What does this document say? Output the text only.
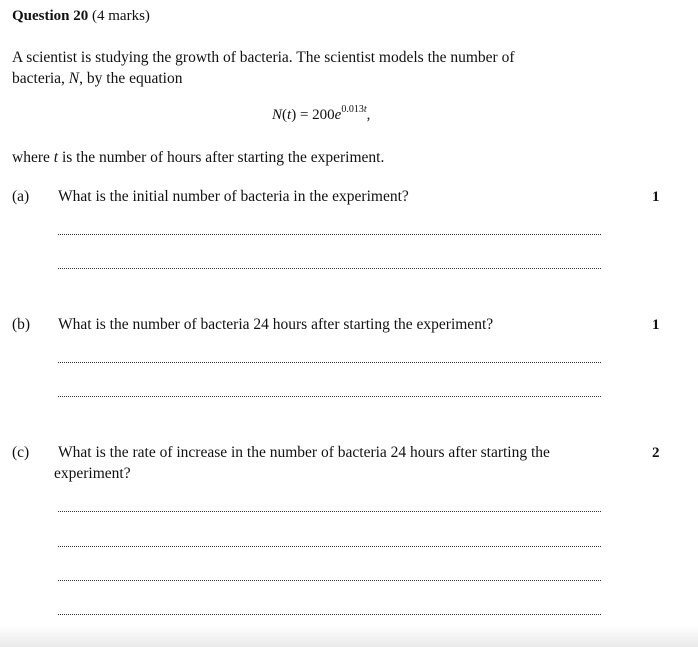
Question 20 (4 marks)
A scientist is studying the growth of bacteria. The scientist models the number of
bacteria, N, by the equation
$N(t) = 200e^{0.013t}$,
where t is the number of hours after starting the experiment.
(a) What is the initial number of bacteria in the experiment?	1
(b) What is the number of bacteria 24 hours after starting the experiment?	1
(c) What is the rate of increase in the number of bacteria 24 hours after starting the
experiment?
2
